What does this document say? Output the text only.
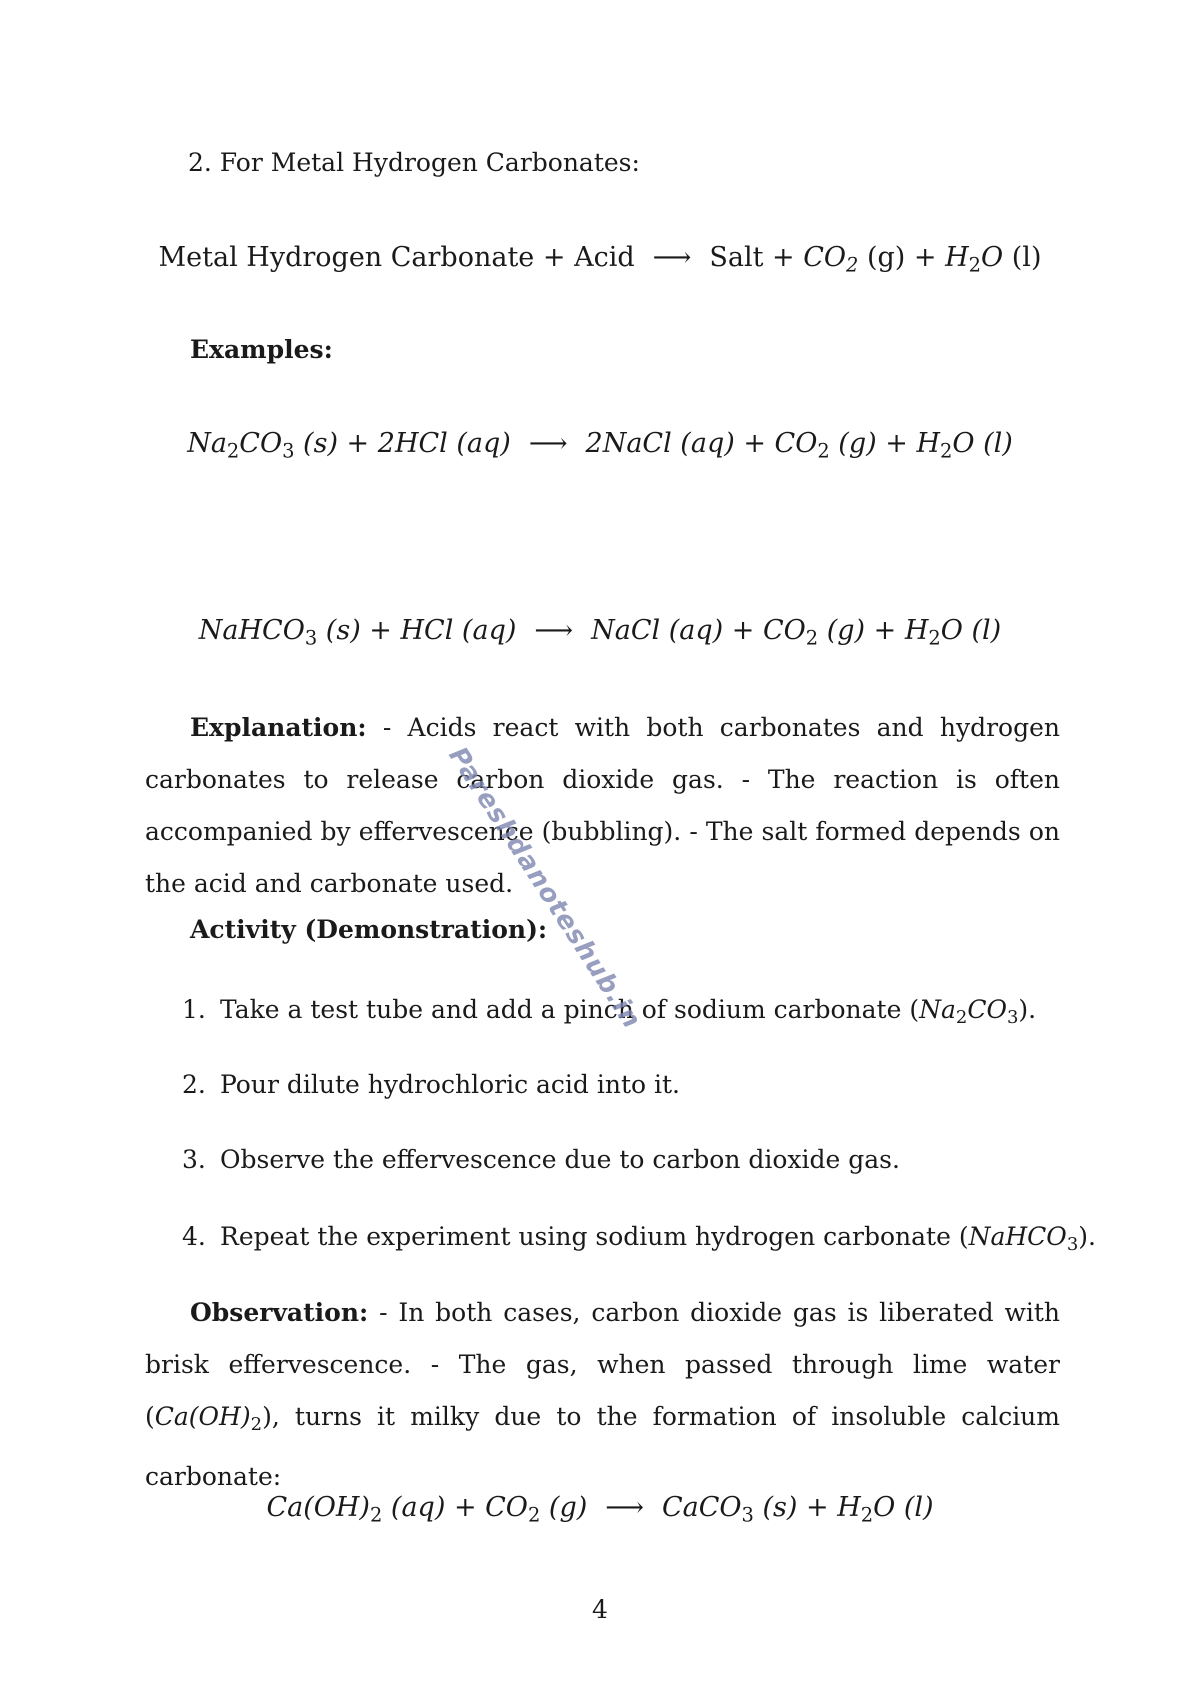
2. For Metal Hydrogen Carbonates:
Metal Hydrogen Carbonate + Acid ⟶ Salt + $CO_2$ $(g) + H_2O$ (l)
Examples:
$Na_2CO_3$ (s) + 2HCl (aq) ⟶ 2NaCl $(aq) + CO_2$ $(g) + H_2O$ (l)
NaHCO$_3$ (s) + HCl (aq) ⟶ NaCl $(aq) + CO_2$ $(g) + H_2O$ (l)
Explanation: - Acids react with both carbonates and hydrogen carbonates to release carbon dioxide gas. - The reaction is often accompanied by effervescence (bubbling). - The salt formed depends on the acid and carbonate used.
Activity (Demonstration):
1. Take a test tube and add a pinch of sodium carbonate $(Na_2CO_3)$.
2. Pour dilute hydrochloric acid into it.
3. Observe the effervescence due to carbon dioxide gas.
4. Repeat the experiment using sodium hydrogen carbonate (NaHCO$_3$).
Observation: - In both cases, carbon dioxide gas is liberated with brisk effervescence. - The gas, when passed through lime water $(Ca(OH)_2)$, turns it milky due to the formation of insoluble calcium carbonate:
$Ca(OH)_2$ $(aq) + CO_2$ (g) ⟶ CaCO$_3$ $(s) + H_2O$ (l)
Pareshdanoteshub.in
4
